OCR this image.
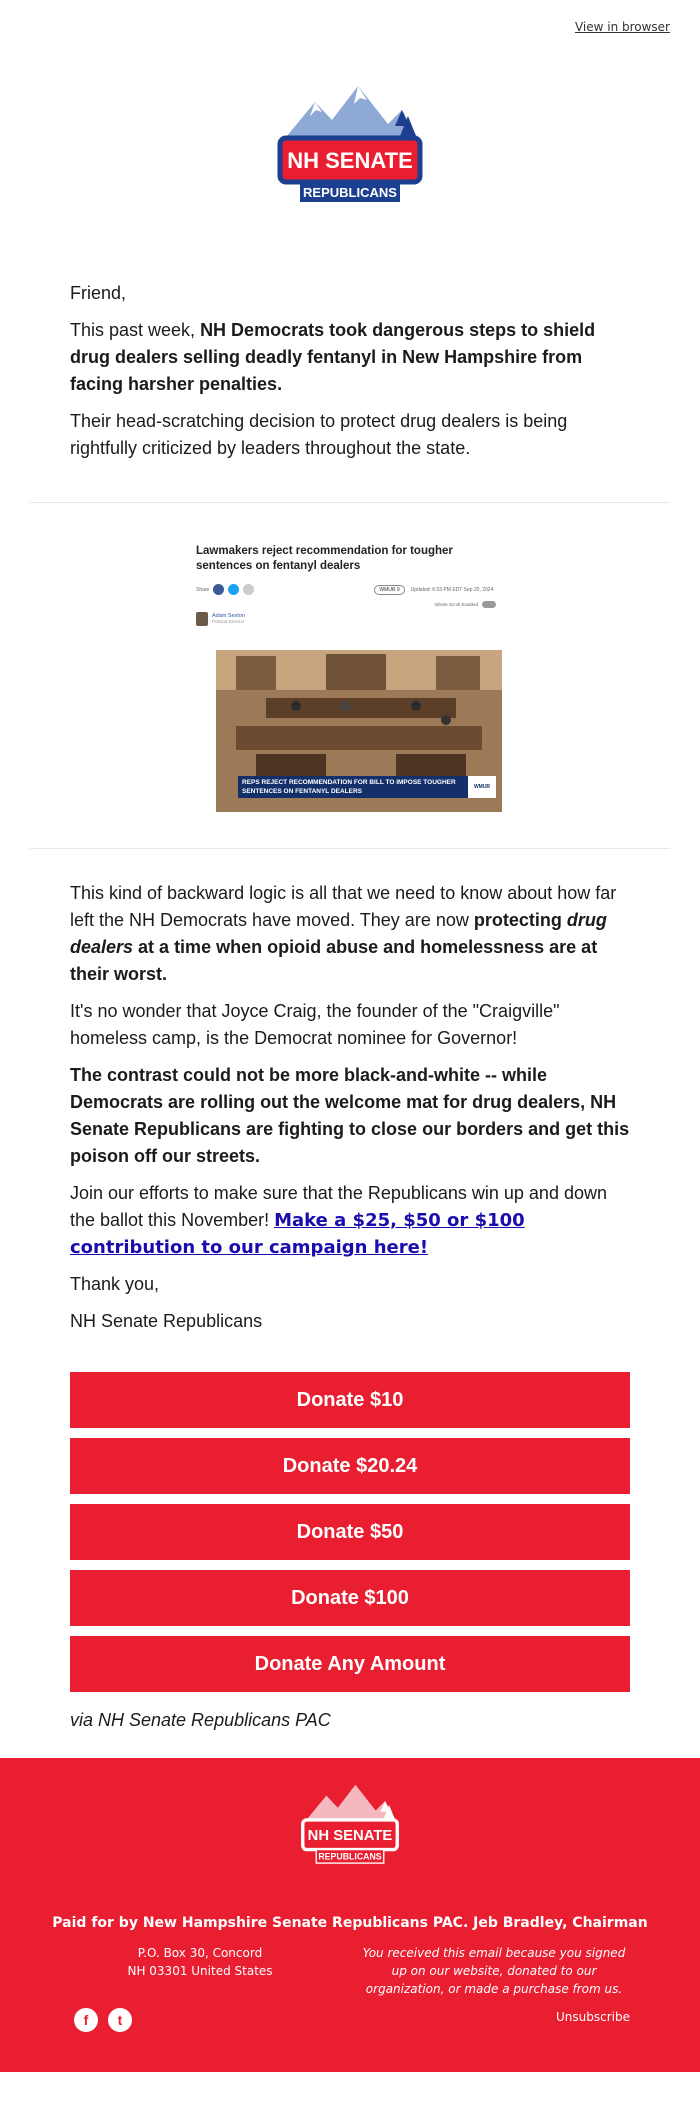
View in browser
NH SENATE
REPUBLICANS

Friend,

This past week, NH Democrats took dangerous steps to shield drug dealers selling deadly fentanyl in New Hampshire from facing harsher penalties.

Their head-scratching decision to protect drug dealers is being rightfully criticized by leaders throughout the state.

Lawmakers reject recommendation for tougher sentences on fentanyl dealers
Share	WMUR 9	Updated: 6:53 PM EDT Sep 20, 2024
Infinite Scroll Enabled
Adam Sexton
Political Director
REPS REJECT RECOMMENDATION FOR BILL TO IMPOSE TOUGHER SENTENCES ON FENTANYL DEALERS
WMUR

This kind of backward logic is all that we need to know about how far left the NH Democrats have moved. They are now protecting drug dealers at a time when opioid abuse and homelessness are at their worst.

It's no wonder that Joyce Craig, the founder of the "Craigville" homeless camp, is the Democrat nominee for Governor!

The contrast could not be more black-and-white -- while Democrats are rolling out the welcome mat for drug dealers, NH Senate Republicans are fighting to close our borders and get this poison off our streets.

Join our efforts to make sure that the Republicans win up and down the ballot this November! Make a $25, $50 or $100 contribution to our campaign here!

Thank you,

NH Senate Republicans

Donate $10
Donate $20.24
Donate $50
Donate $100
Donate Any Amount
via NH Senate Republicans PAC
NH SENATE
REPUBLICANS
Paid for by New Hampshire Senate Republicans PAC. Jeb Bradley, Chairman
P.O. Box 30, Concord
NH 03301 United States
You received this email because you signed up on our website, donated to our organization, or made a purchase from us.
f	t	Unsubscribe
